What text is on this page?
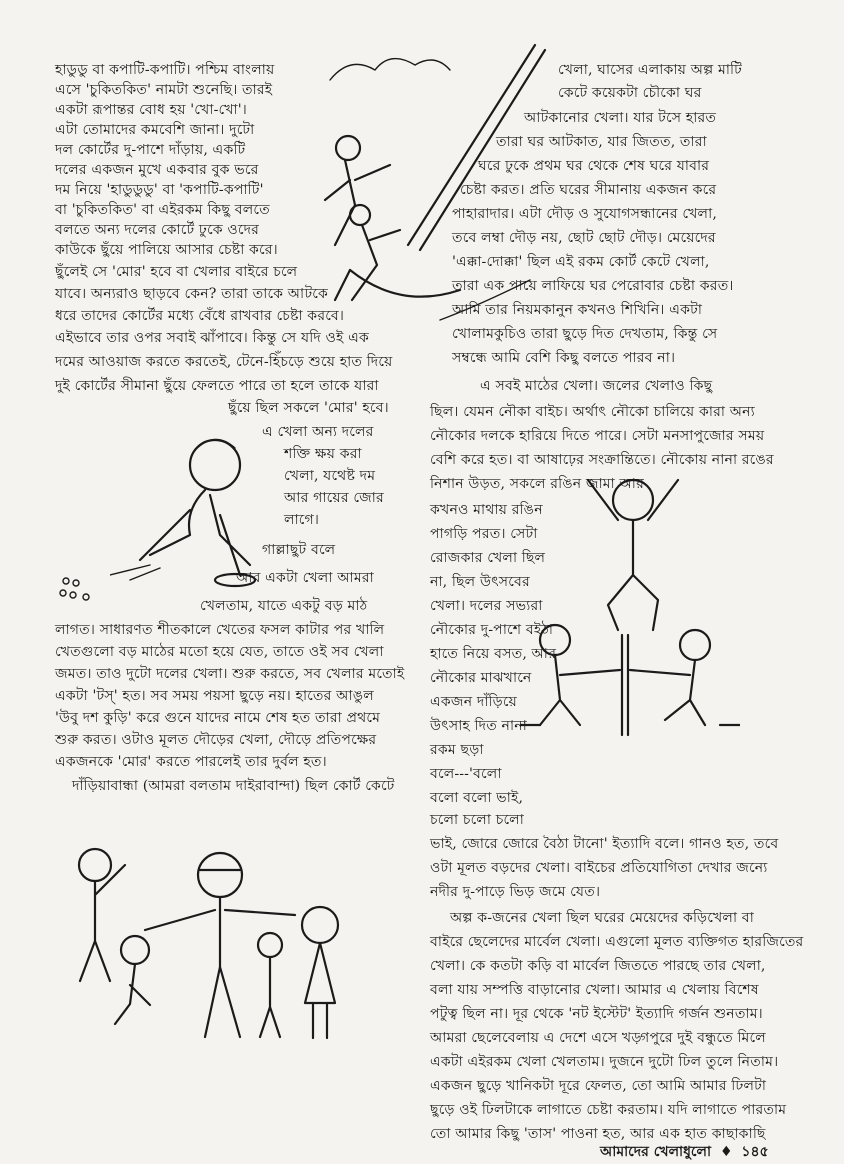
হাডুডু বা কপাটি-কপাটি। পশ্চিম বাংলায়
এসে 'চুকিতকিত' নামটা শুনেছি। তারই
একটা রূপান্তর বোধ হয় 'খো-খো'।
এটা তোমাদের কমবেশি জানা। দুটো
দল কোর্টের দু-পাশে দাঁড়ায়, একটি
দলের একজন মুখে একবার বুক ভরে
দম নিয়ে 'হাডুডুডু' বা 'কপাটি-কপাটি'
বা 'চুকিতকিত' বা এইরকম কিছু বলতে
বলতে অন্য দলের কোর্টে ঢুকে ওদের
কাউকে ছুঁয়ে পালিয়ে আসার চেষ্টা করে।
ছুঁলেই সে 'মোর' হবে বা খেলার বাইরে চলে
যাবে। অন্যরাও ছাড়বে কেন? তারা তাকে আটকে
ধরে তাদের কোর্টের মধ্যে বেঁধে রাখবার চেষ্টা করবে।
এইভাবে তার ওপর সবাই ঝাঁপাবে। কিন্তু সে যদি ওই এক
দমের আওয়াজ করতে করতেই, টেনে-হিঁচড়ে শুয়ে হাত দিয়ে
দুই কোর্টের সীমানা ছুঁয়ে ফেলতে পারে তা হলে তাকে যারা
ছুঁয়ে ছিল সকলে 'মোর' হবে।
এ খেলা অন্য দলের
শক্তি ক্ষয় করা
খেলা, যথেষ্ট দম
আর গায়ের জোর
লাগে।
গাল্লাছুট বলে
আর একটা খেলা আমরা
খেলতাম, যাতে একটু বড় মাঠ
লাগত। সাধারণত শীতকালে খেতের ফসল কাটার পর খালি
খেতগুলো বড় মাঠের মতো হয়ে যেত, তাতে ওই সব খেলা
জমত। তাও দুটো দলের খেলা। শুরু করতে, সব খেলার মতোই
একটা 'টস্' হত। সব সময় পয়সা ছুড়ে নয়। হাতের আঙুল
'উবু দশ কুড়ি' করে গুনে যাদের নামে শেষ হত তারা প্রথমে
শুরু করত। ওটাও মূলত দৌড়ের খেলা, দৌড়ে প্রতিপক্ষের
একজনকে 'মোর' করতে পারলেই তার দুর্বল হত।
দাঁড়িয়াবান্ধা (আমরা বলতাম দাইরাবান্দা) ছিল কোর্ট কেটে
খেলা, ঘাসের এলাকায় অল্প মাটি
কেটে কয়েকটা চৌকো ঘর
আটকানোর খেলা। যার টসে হারত
তারা ঘর আটকাত, যার জিতত, তারা
ঘরে ঢুকে প্রথম ঘর থেকে শেষ ঘরে যাবার
চেষ্টা করত। প্রতি ঘরের সীমানায় একজন করে
পাহারাদার। এটা দৌড় ও সুযোগসন্ধানের খেলা,
তবে লম্বা দৌড় নয়, ছোট ছোট দৌড়। মেয়েদের
'এক্কা-দোক্কা' ছিল এই রকম কোর্ট কেটে খেলা,
তারা এক পায়ে লাফিয়ে ঘর পেরোবার চেষ্টা করত।
আমি তার নিয়মকানুন কখনও শিখিনি। একটা
খোলামকুচিও তারা ছুড়ে দিত দেখতাম, কিন্তু সে
সম্বন্ধে আমি বেশি কিছু বলতে পারব না।
এ সবই মাঠের খেলা। জলের খেলাও কিছু
ছিল। যেমন নৌকা বাইচ। অর্থাৎ নৌকো চালিয়ে কারা অন্য
নৌকোর দলকে হারিয়ে দিতে পারে। সেটা মনসাপুজোর সময়
বেশি করে হত। বা আষাঢ়ের সংক্রান্তিতে। নৌকোয় নানা রঙের
নিশান উড়ত, সকলে রঙিন জামা আর
কখনও মাথায় রঙিন
পাগড়ি পরত। সেটা
রোজকার খেলা ছিল
না, ছিল উৎসবের
খেলা। দলের সভ্যরা
নৌকোর দু-পাশে বইঠা
হাতে নিয়ে বসত, আর
নৌকোর মাঝখানে
একজন দাঁড়িয়ে
উৎসাহ দিত নানা
রকম ছড়া
বলে---'বলো
বলো বলো ভাই,
চলো চলো চলো
ভাই, জোরে জোরে বৈঠা টানো' ইত্যাদি বলে। গানও হত, তবে
ওটা মূলত বড়দের খেলা। বাইচের প্রতিযোগিতা দেখার জন্যে
নদীর দু-পাড়ে ভিড় জমে যেত।
অল্প ক-জনের খেলা ছিল ঘরের মেয়েদের কড়িখেলা বা
বাইরে ছেলেদের মার্বেল খেলা। এগুলো মূলত ব্যক্তিগত হারজিতের
খেলা। কে কতটা কড়ি বা মার্বেল জিততে পারছে তার খেলা,
বলা যায় সম্পত্তি বাড়ানোর খেলা। আমার এ খেলায় বিশেষ
পটুত্ব ছিল না। দূর থেকে 'নট ইস্টেট' ইত্যাদি গর্জন শুনতাম।
আমরা ছেলেবেলায় এ দেশে এসে খড়্গপুরে দুই বন্ধুতে মিলে
একটা এইরকম খেলা খেলতাম। দুজনে দুটো ঢিল তুলে নিতাম।
একজন ছুড়ে খানিকটা দূরে ফেলত, তো আমি আমার ঢিলটা
ছুড়ে ওই ঢিলটাকে লাগাতে চেষ্টা করতাম। যদি লাগাতে পারতাম
তো আমার কিছু 'তাস' পাওনা হত, আর এক হাত কাছাকাছি
আমাদের খেলাধুলো ♦ ১৪৫
